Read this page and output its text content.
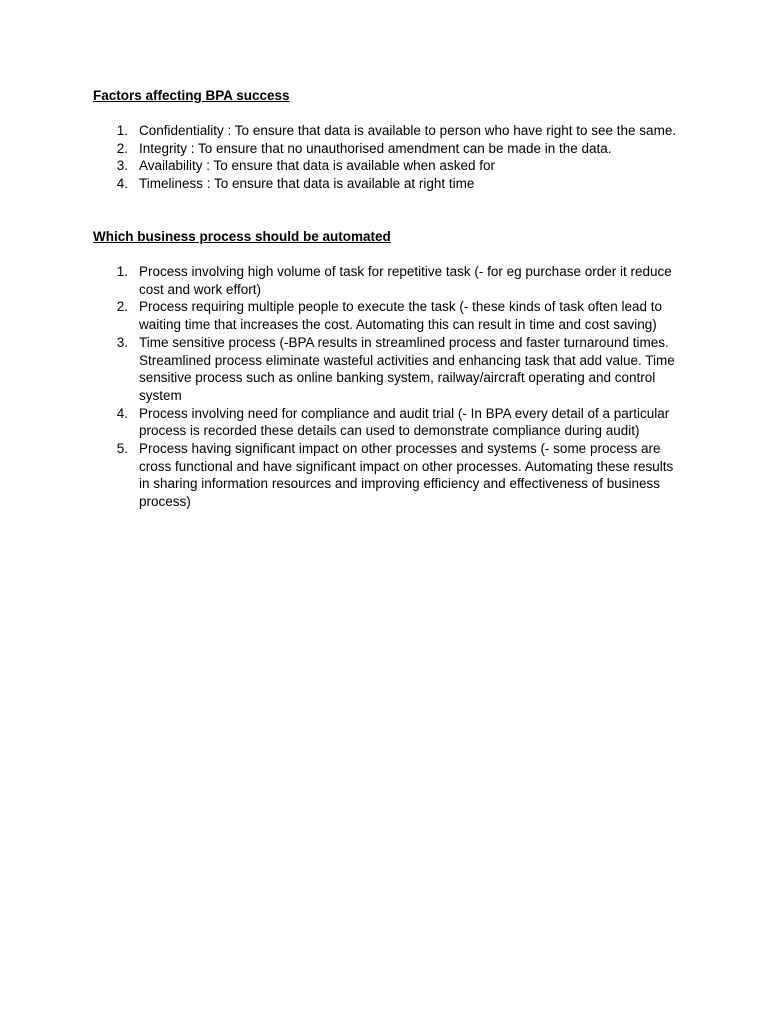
Factors affecting BPA success
1. Confidentiality : To ensure that data is available to person who have right to see the same.
2. Integrity : To ensure that no unauthorised amendment can be made in the data.
3. Availability : To ensure that data is available when asked for
4. Timeliness : To ensure that data is available at right time
Which business process should be automated
1. Process involving high volume of task for repetitive task (- for eg purchase order it reduce cost and work effort)
2. Process requiring multiple people to execute the task (- these kinds of task often lead to waiting time that increases the cost. Automating this can result in time and cost saving)
3. Time sensitive process (-BPA results in streamlined process and faster turnaround times. Streamlined process eliminate wasteful activities and enhancing task that add value. Time sensitive process such as online banking system, railway/aircraft operating and control system
4. Process involving need for compliance and audit trial (- In BPA every detail of a particular process is recorded these details can used to demonstrate compliance during audit)
5. Process having significant impact on other processes and systems (- some process are cross functional and have significant impact on other processes. Automating these results in sharing information resources and improving efficiency and effectiveness of business process)
